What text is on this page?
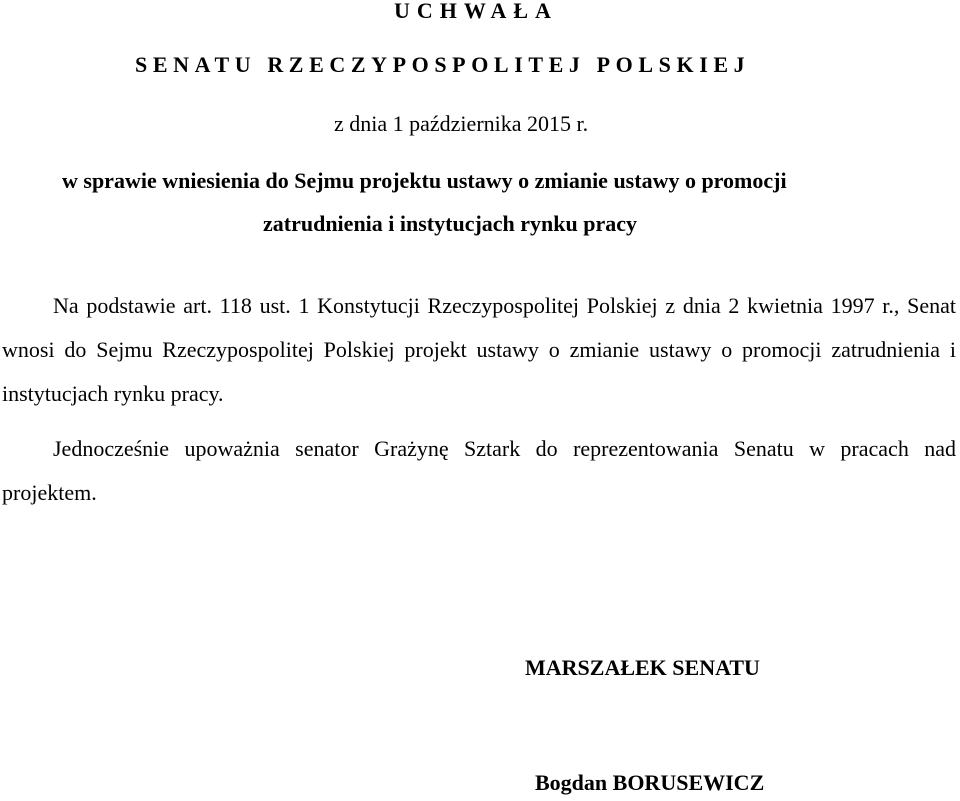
UCHWAŁA
SENATU RZECZYPOSPOLITEJ POLSKIEJ
z dnia 1 października 2015 r.
w sprawie wniesienia do Sejmu projektu ustawy o zmianie ustawy o promocji
zatrudnienia i instytucjach rynku pracy

Na podstawie art. 118 ust. 1 Konstytucji Rzeczypospolitej Polskiej z dnia 2 kwietnia 1997 r., Senat wnosi do Sejmu Rzeczypospolitej Polskiej projekt ustawy o zmianie ustawy o promocji zatrudnienia i instytucjach rynku pracy.

Jednocześnie upoważnia senator Grażynę Sztark do reprezentowania Senatu w pracach nad projektem.

MARSZAŁEK SENATU
Bogdan BORUSEWICZ
